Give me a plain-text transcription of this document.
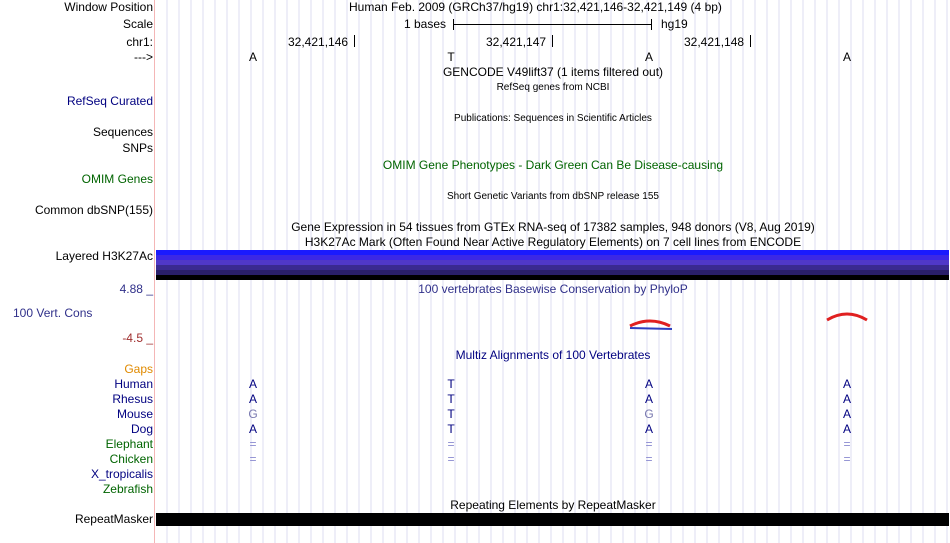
Window Position	Human Feb. 2009 (GRCh37/hg19) chr1:32,421,146-32,421,149 (4 bp)
Scale	1 bases	hg19
chr1:	32,421,146	32,421,147	32,421,148
--->	A	T	A	A
GENCODE V49lift37 (1 items filtered out)
RefSeq genes from NCBI
RefSeq Curated
Publications: Sequences in Scientific Articles
Sequences
SNPs
OMIM Gene Phenotypes - Dark Green Can Be Disease-causing
OMIM Genes
Short Genetic Variants from dbSNP release 155
Common dbSNP(155)
Gene Expression in 54 tissues from GTEx RNA-seq of 17382 samples, 948 donors (V8, Aug 2019)
H3K27Ac Mark (Often Found Near Active Regulatory Elements) on 7 cell lines from ENCODE
Layered H3K27Ac
4.88 _	100 vertebrates Basewise Conservation by PhyloP
100 Vert. Cons
-4.5 _
Multiz Alignments of 100 Vertebrates
Gaps
Human	A	T	A	A
Rhesus	A	T	A	A
Mouse	G	T	G	A
Dog	A	T	A	A
Elephant	=	=	=	=
Chicken	=	=	=	=
X_tropicalis
Zebrafish
Repeating Elements by RepeatMasker
RepeatMasker
